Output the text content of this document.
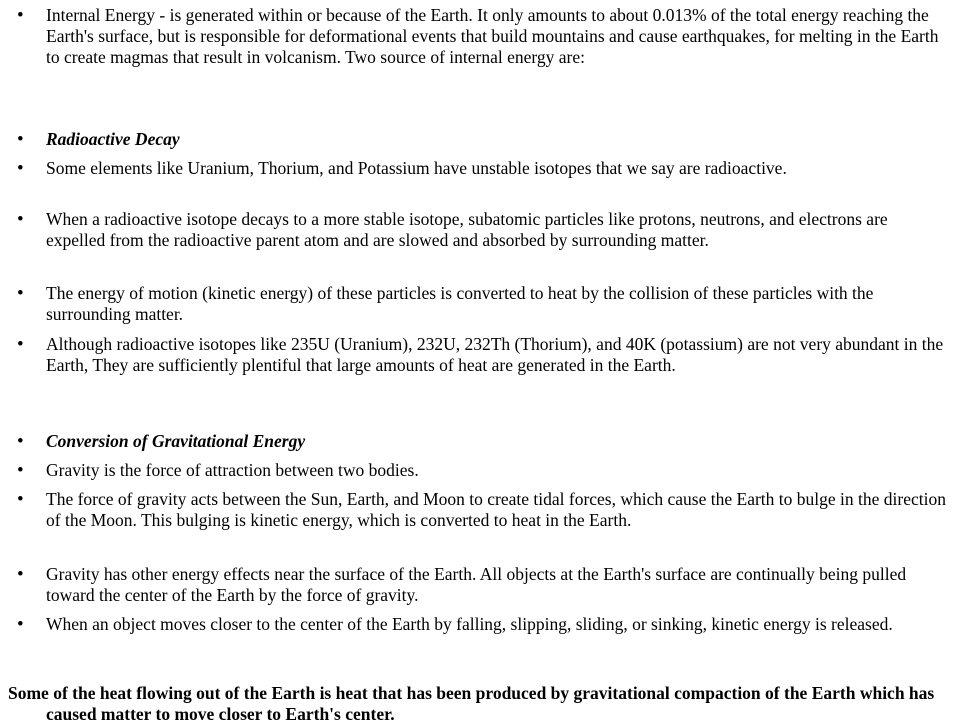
• Internal Energy - is generated within or because of the Earth. It only amounts to about 0.013% of the total energy reaching the Earth's surface, but is responsible for deformational events that build mountains and cause earthquakes, for melting in the Earth to create magmas that result in volcanism. Two source of internal energy are:
• Radioactive Decay
• Some elements like Uranium, Thorium, and Potassium have unstable isotopes that we say are radioactive.
• When a radioactive isotope decays to a more stable isotope, subatomic particles like protons, neutrons, and electrons are expelled from the radioactive parent atom and are slowed and absorbed by surrounding matter.
• The energy of motion (kinetic energy) of these particles is converted to heat by the collision of these particles with the surrounding matter.
• Although radioactive isotopes like 235U (Uranium), 232U, 232Th (Thorium), and 40K (potassium) are not very abundant in the Earth, They are sufficiently plentiful that large amounts of heat are generated in the Earth.
• Conversion of Gravitational Energy
• Gravity is the force of attraction between two bodies.
• The force of gravity acts between the Sun, Earth, and Moon to create tidal forces, which cause the Earth to bulge in the direction of the Moon. This bulging is kinetic energy, which is converted to heat in the Earth.
• Gravity has other energy effects near the surface of the Earth. All objects at the Earth's surface are continually being pulled toward the center of the Earth by the force of gravity.
• When an object moves closer to the center of the Earth by falling, slipping, sliding, or sinking, kinetic energy is released.

Some of the heat flowing out of the Earth is heat that has been produced by gravitational compaction of the Earth which has caused matter to move closer to Earth's center.
